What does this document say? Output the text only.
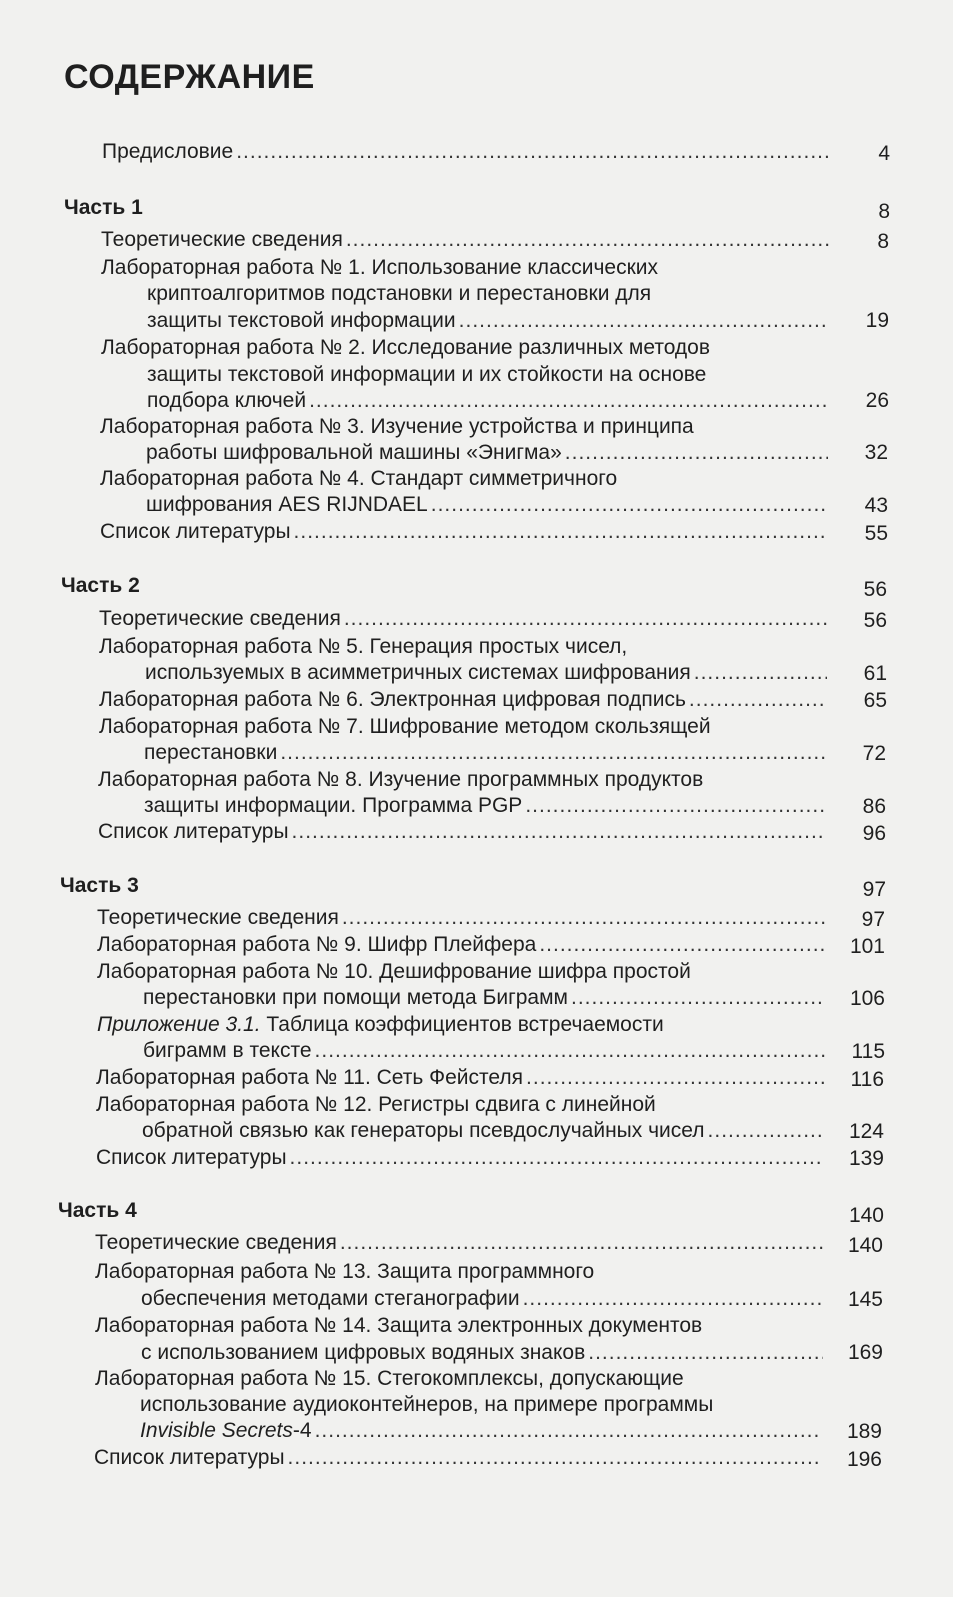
СОДЕРЖАНИЕ
Предисловие .....	4
Часть 1	8
Теоретические сведения .....	8
Лабораторная работа № 1. Использование классических
криптоалгоритмов подстановки и перестановки для
защиты текстовой информации .....	19
Лабораторная работа № 2. Исследование различных методов
защиты текстовой информации и их стойкости на основе
подбора ключей .....	26
Лабораторная работа № 3. Изучение устройства и принципа
работы шифровальной машины «Энигма» .....	32
Лабораторная работа № 4. Стандарт симметричного
шифрования AES RIJNDAEL .....	43
Список литературы .....	55
Часть 2	56
Теоретические сведения .....	56
Лабораторная работа № 5. Генерация простых чисел,
используемых в асимметричных системах шифрования .....	61
Лабораторная работа № 6. Электронная цифровая подпись .....	65
Лабораторная работа № 7. Шифрование методом скользящей
перестановки .....	72
Лабораторная работа № 8. Изучение программных продуктов
защиты информации. Программа PGP .....	86
Список литературы .....	96
Часть 3	97
Теоретические сведения .....	97
Лабораторная работа № 9. Шифр Плейфера .....	101
Лабораторная работа № 10. Дешифрование шифра простой
перестановки при помощи метода Биграмм .....	106
Приложение 3.1. Таблица коэффициентов встречаемости
биграмм в тексте .....	115
Лабораторная работа № 11. Сеть Фейстеля .....	116
Лабораторная работа № 12. Регистры сдвига с линейной
обратной связью как генераторы псевдослучайных чисел .....	124
Список литературы .....	139
Часть 4	140
Теоретические сведения .....	140
Лабораторная работа № 13. Защита программного
обеспечения методами стеганографии .....	145
Лабораторная работа № 14. Защита электронных документов
с использованием цифровых водяных знаков .....	169
Лабораторная работа № 15. Стегокомплексы, допускающие
использование аудиоконтейнеров, на примере программы
Invisible Secrets-4 .....	189
Список литературы .....	196
